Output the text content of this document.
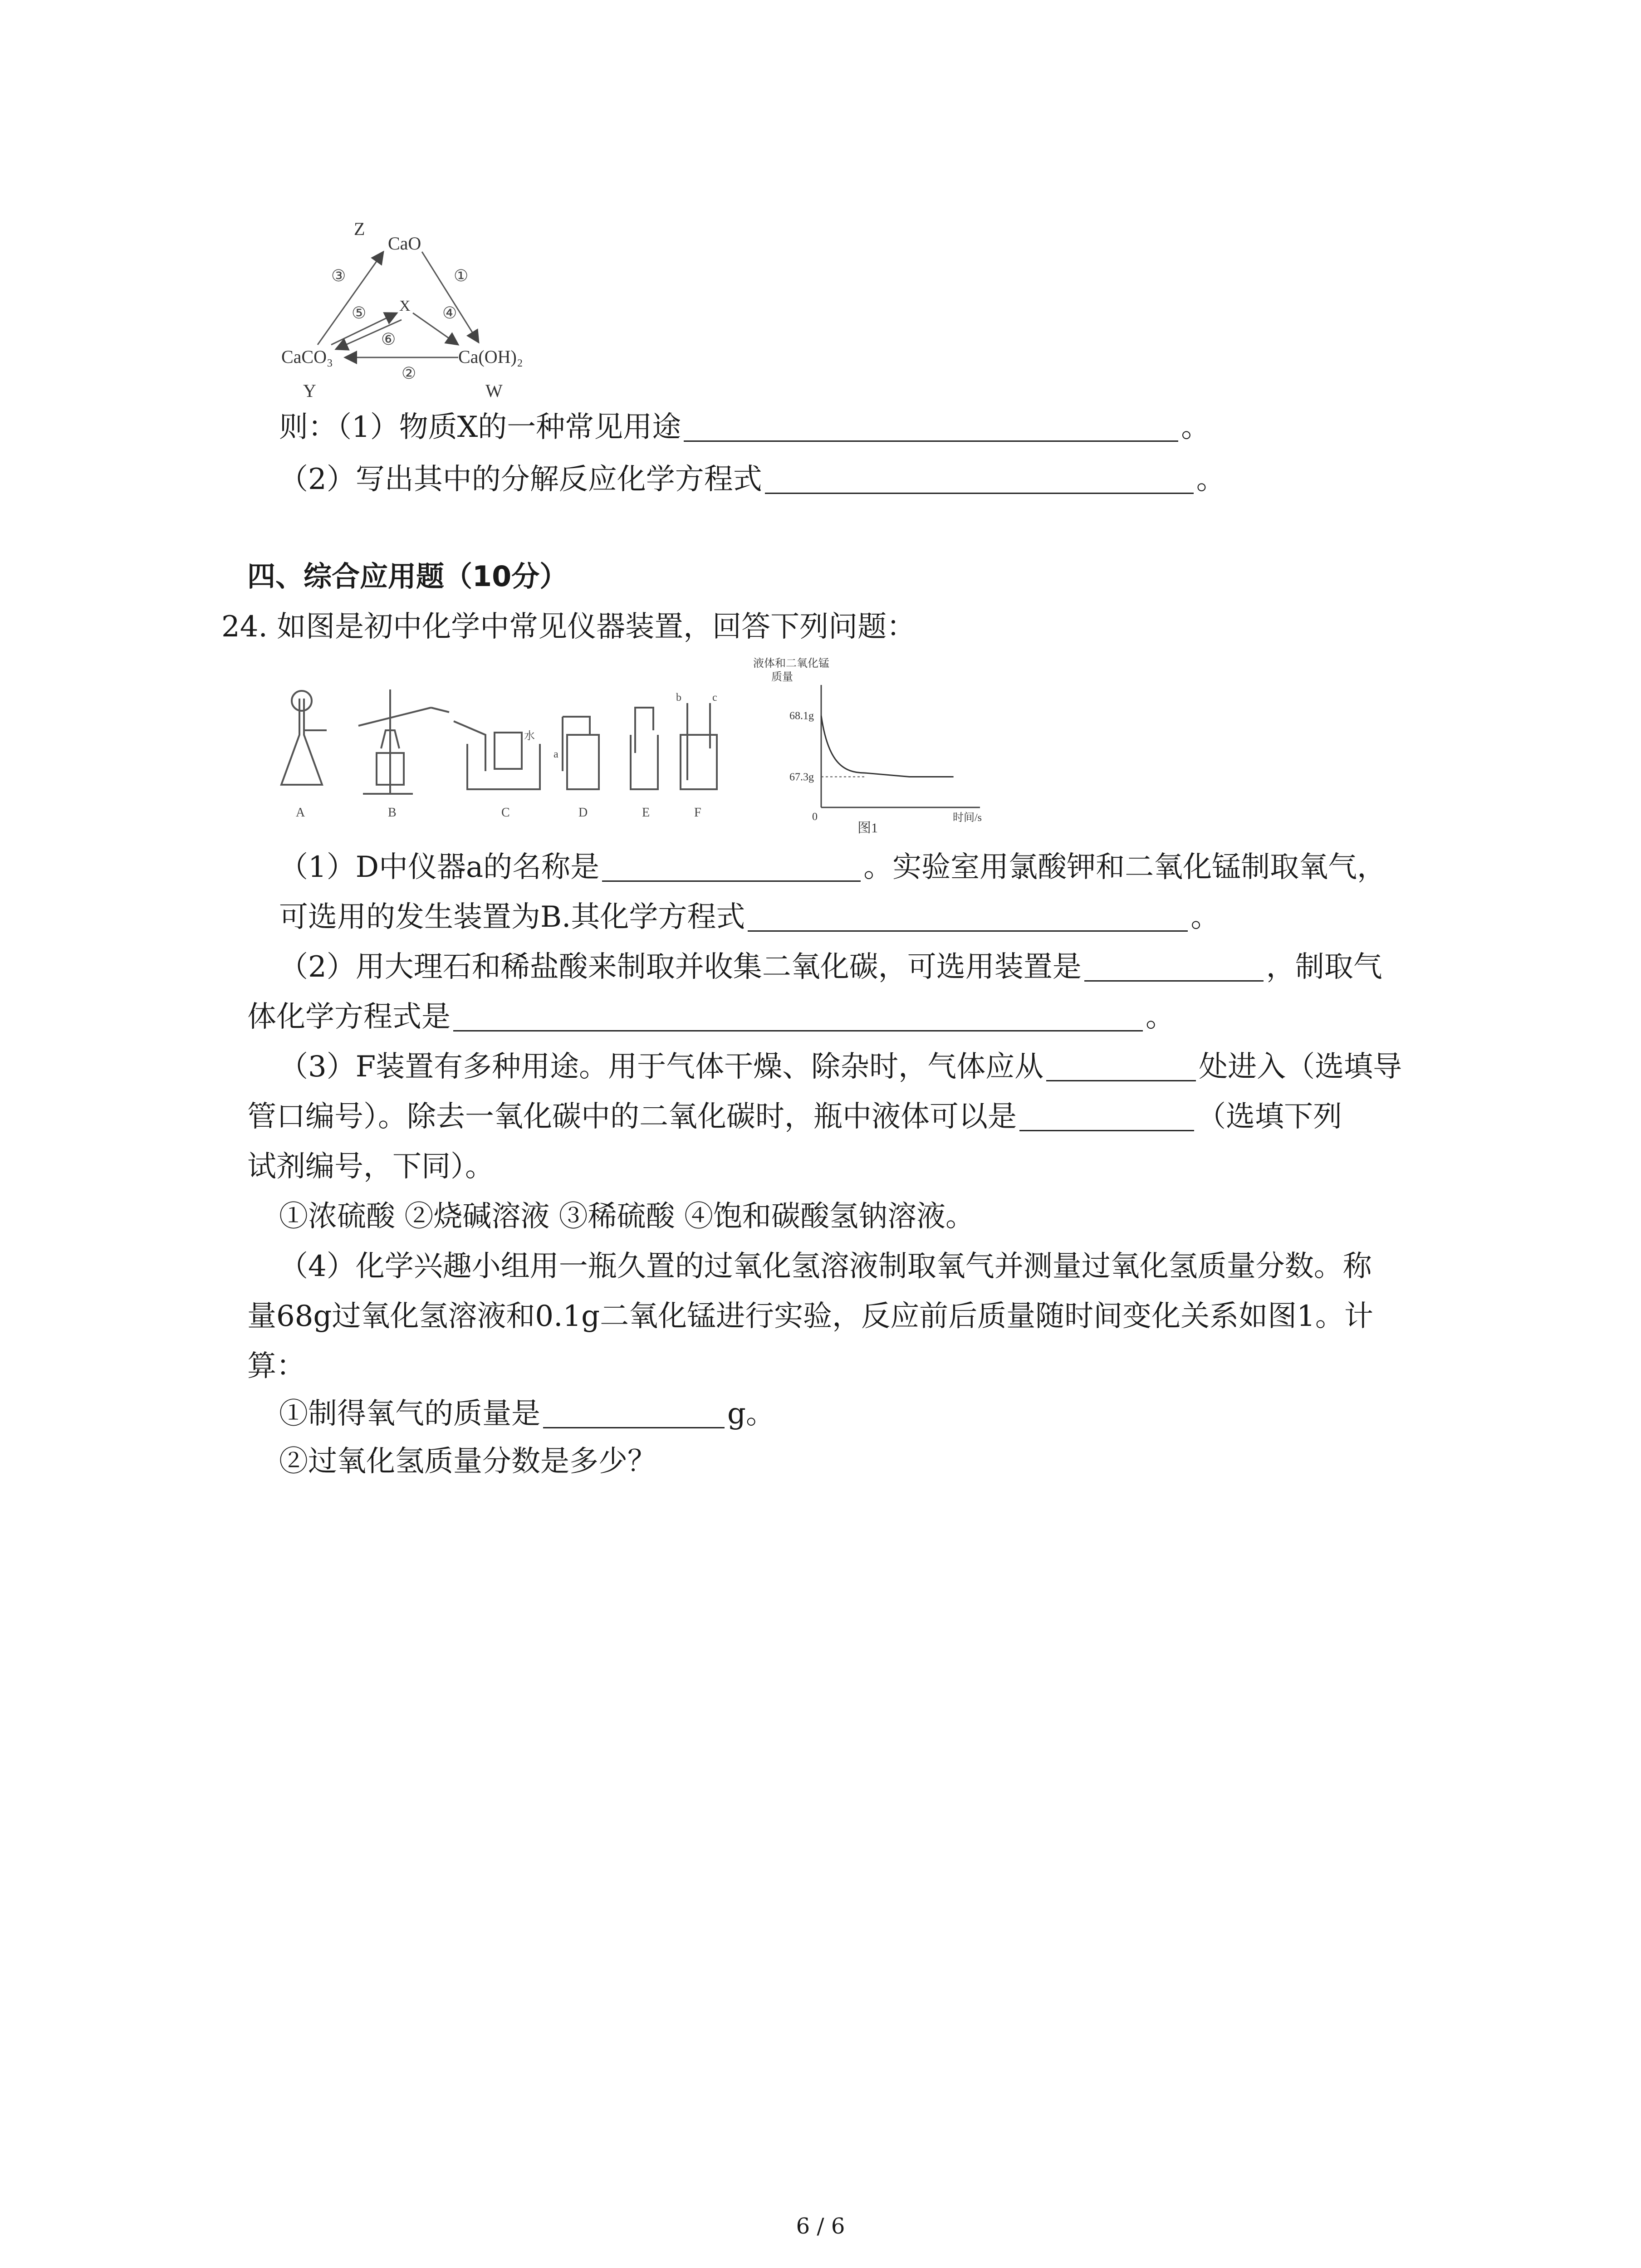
Z
CaO
X
CaCO₃	Ca(OH)₂
Y	W
①
②
③
④
⑤
⑥
则：（1）物质X的一种常见用途	。
（2）写出其中的分解反应化学方程式	。
四、综合应用题（10分）
24. 如图是初中化学中常见仪器装置，回答下列问题：
A	B
水
C
a
D	E
b	c
F
液体和二氧化锰
质量
0	时间/s
图1
68.1g
67.3g
（1）D中仪器a的名称是	。实验室用氯酸钾和二氧化锰制取氧气，
可选用的发生装置为B.其化学方程式	。
（2）用大理石和稀盐酸来制取并收集二氧化碳，可选用装置是	，制取气
体化学方程式是	。
（3）F装置有多种用途。用于气体干燥、除杂时，气体应从	处进入（选填导
管口编号）。除去一氧化碳中的二氧化碳时，瓶中液体可以是	（选填下列
试剂编号，下同）。
①浓硫酸 ②烧碱溶液 ③稀硫酸 ④饱和碳酸氢钠溶液。
（4）化学兴趣小组用一瓶久置的过氧化氢溶液制取氧气并测量过氧化氢质量分数。称
量68g过氧化氢溶液和0.1g二氧化锰进行实验，反应前后质量随时间变化关系如图1。计
算：
①制得氧气的质量是	g。
②过氧化氢质量分数是多少？
6 / 6
